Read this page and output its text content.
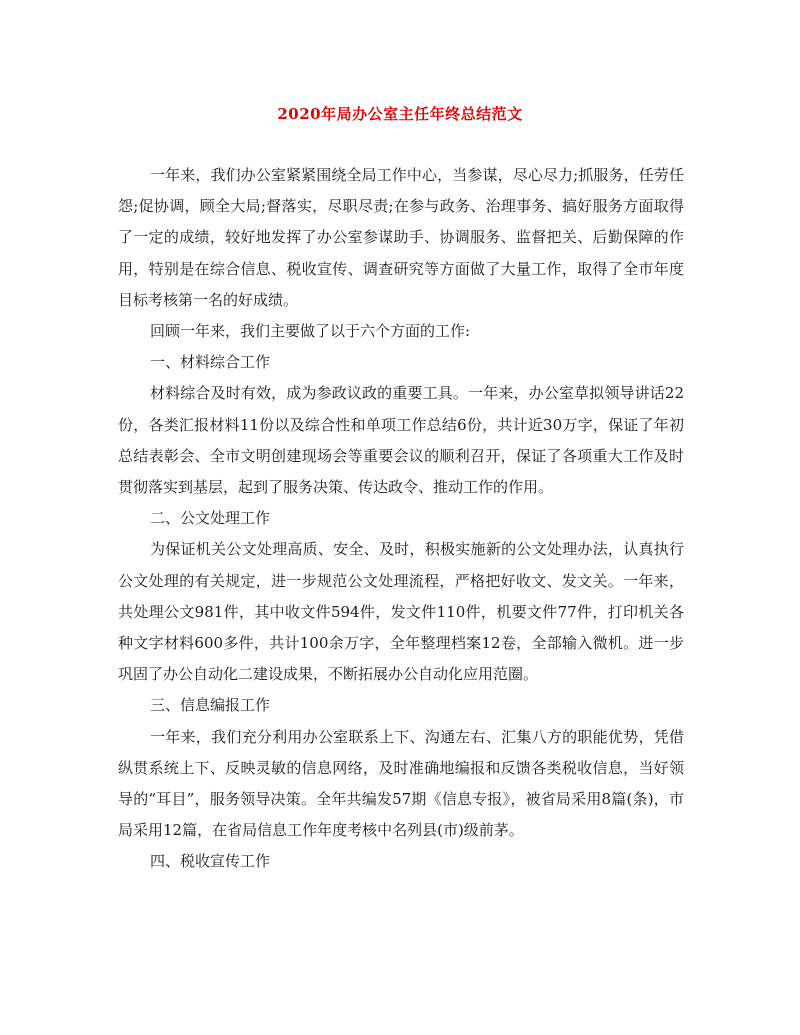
2020年局办公室主任年终总结范文

一年来，我们办公室紧紧围绕全局工作中心，当参谋，尽心尽力;抓服务，任劳任怨;促协调，顾全大局;督落实，尽职尽责;在参与政务、治理事务、搞好服务方面取得了一定的成绩，较好地发挥了办公室参谋助手、协调服务、监督把关、后勤保障的作用，特别是在综合信息、税收宣传、调查研究等方面做了大量工作，取得了全市年度目标考核第一名的好成绩。

回顾一年来，我们主要做了以于六个方面的工作:

一、材料综合工作

材料综合及时有效，成为参政议政的重要工具。一年来，办公室草拟领导讲话22份，各类汇报材料11份以及综合性和单项工作总结6份，共计近30万字，保证了年初总结表彰会、全市文明创建现场会等重要会议的顺利召开，保证了各项重大工作及时贯彻落实到基层，起到了服务决策、传达政令、推动工作的作用。

二、公文处理工作

为保证机关公文处理高质、安全、及时，积极实施新的公文处理办法，认真执行公文处理的有关规定，进一步规范公文处理流程，严格把好收文、发文关。一年来，共处理公文981件，其中收文件594件，发文件110件，机要文件77件，打印机关各种文字材料600多件，共计100余万字，全年整理档案12卷，全部输入微机。进一步巩固了办公自动化二建设成果，不断拓展办公自动化应用范圈。

三、信息编报工作

一年来，我们充分利用办公室联系上下、沟通左右、汇集八方的职能优势，凭借纵贯系统上下、反映灵敏的信息网络，及时准确地编报和反馈各类税收信息，当好领导的“耳目”，服务领导决策。全年共编发57期《信息专报》，被省局采用8篇(条)，市局采用12篇，在省局信息工作年度考核中名列县(市)级前茅。

四、税收宣传工作
